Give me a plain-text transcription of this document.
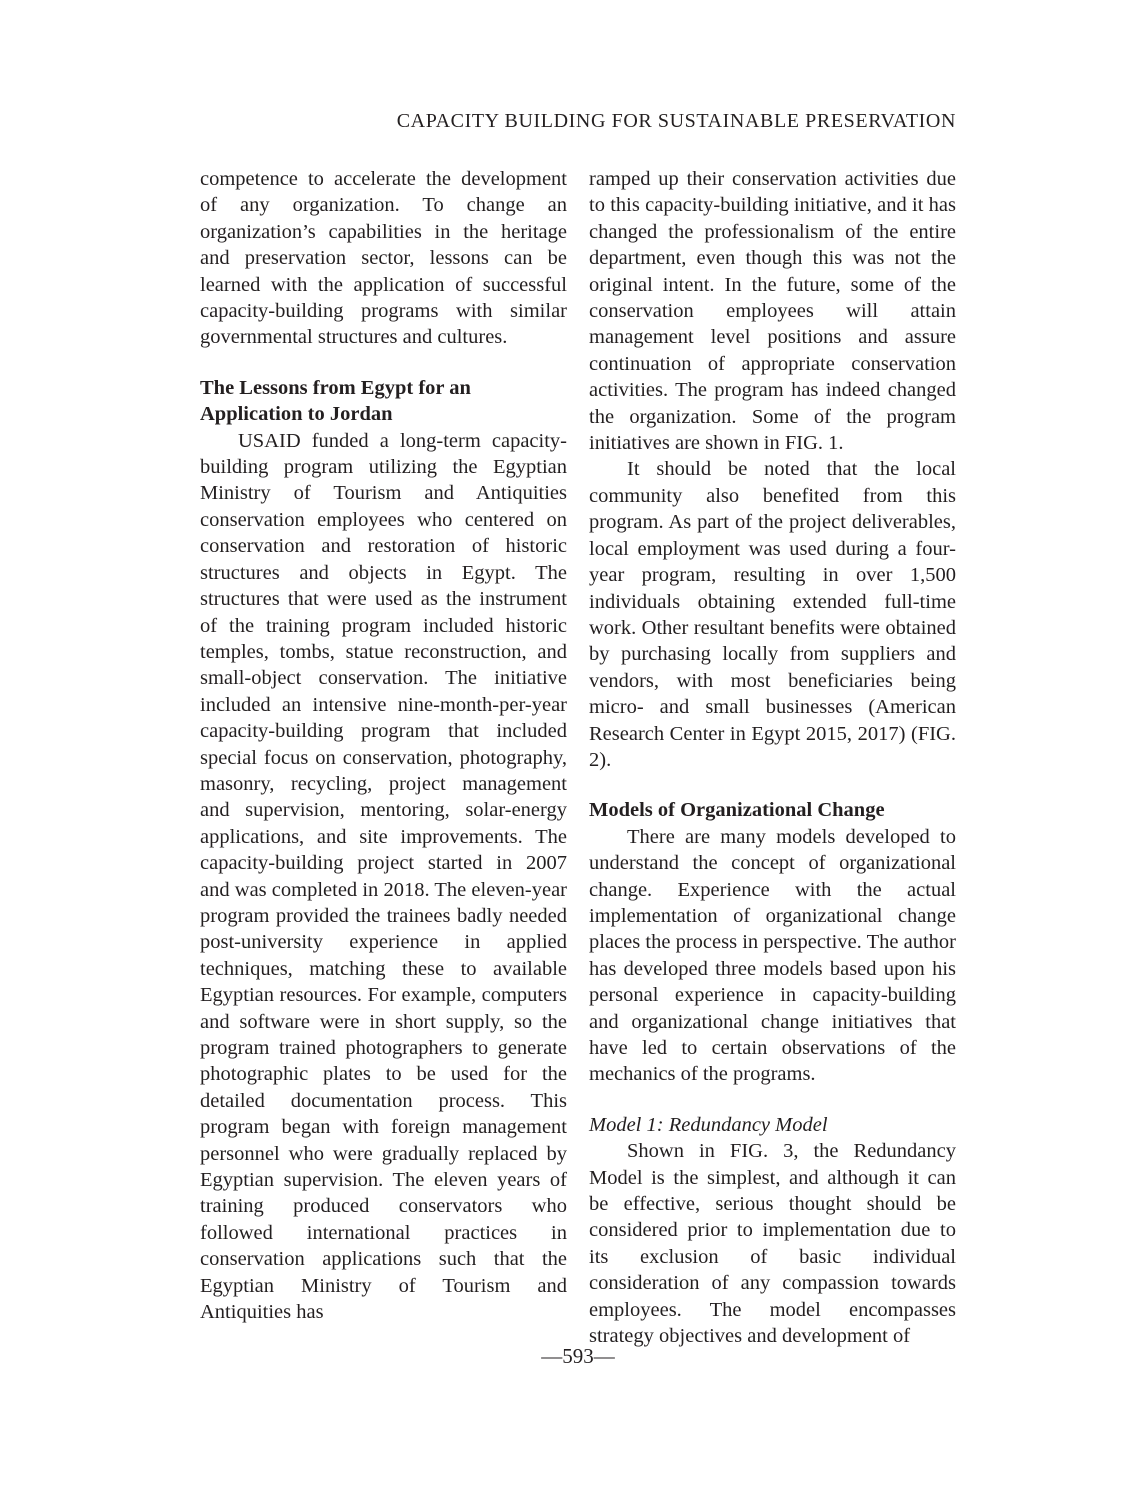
CAPACITY BUILDING FOR SUSTAINABLE PRESERVATION

competence to accelerate the development of any organization. To change an organization’s capabilities in the heritage and preservation sector, lessons can be learned with the application of successful capacity-building programs with similar governmental structures and cultures.

The Lessons from Egypt for an Application to Jordan

USAID funded a long-term capacity-building program utilizing the Egyptian Ministry of Tourism and Antiquities conservation employees who centered on conservation and restoration of historic structures and objects in Egypt. The structures that were used as the instrument of the training program included historic temples, tombs, statue reconstruction, and small-object conservation. The initiative included an intensive nine-month-per-year capacity-building program that included special focus on conservation, photography, masonry, recycling, project management and supervision, mentoring, solar-energy applications, and site improvements. The capacity-building project started in 2007 and was completed in 2018. The eleven-year program provided the trainees badly needed post-university experience in applied techniques, matching these to available Egyptian resources. For example, computers and software were in short supply, so the program trained photographers to generate photographic plates to be used for the detailed documentation process. This program began with foreign management personnel who were gradually replaced by Egyptian supervision. The eleven years of training produced conservators who followed international practices in conservation applications such that the Egyptian Ministry of Tourism and Antiquities has

ramped up their conservation activities due to this capacity-building initiative, and it has changed the professionalism of the entire department, even though this was not the original intent. In the future, some of the conservation employees will attain management level positions and assure continuation of appropriate conservation activities. The program has indeed changed the organization. Some of the program initiatives are shown in FIG. 1.

It should be noted that the local community also benefited from this program. As part of the project deliverables, local employment was used during a four-year program, resulting in over 1,500 individuals obtaining extended full-time work. Other resultant benefits were obtained by purchasing locally from suppliers and vendors, with most beneficiaries being micro- and small businesses (American Research Center in Egypt 2015, 2017) (FIG. 2).

Models of Organizational Change

There are many models developed to understand the concept of organizational change. Experience with the actual implementation of organizational change places the process in perspective. The author has developed three models based upon his personal experience in capacity-building and organizational change initiatives that have led to certain observations of the mechanics of the programs.

Model 1: Redundancy Model

Shown in FIG. 3, the Redundancy Model is the simplest, and although it can be effective, serious thought should be considered prior to implementation due to its exclusion of basic individual consideration of any compassion towards employees. The model encompasses strategy objectives and development of

—593—
